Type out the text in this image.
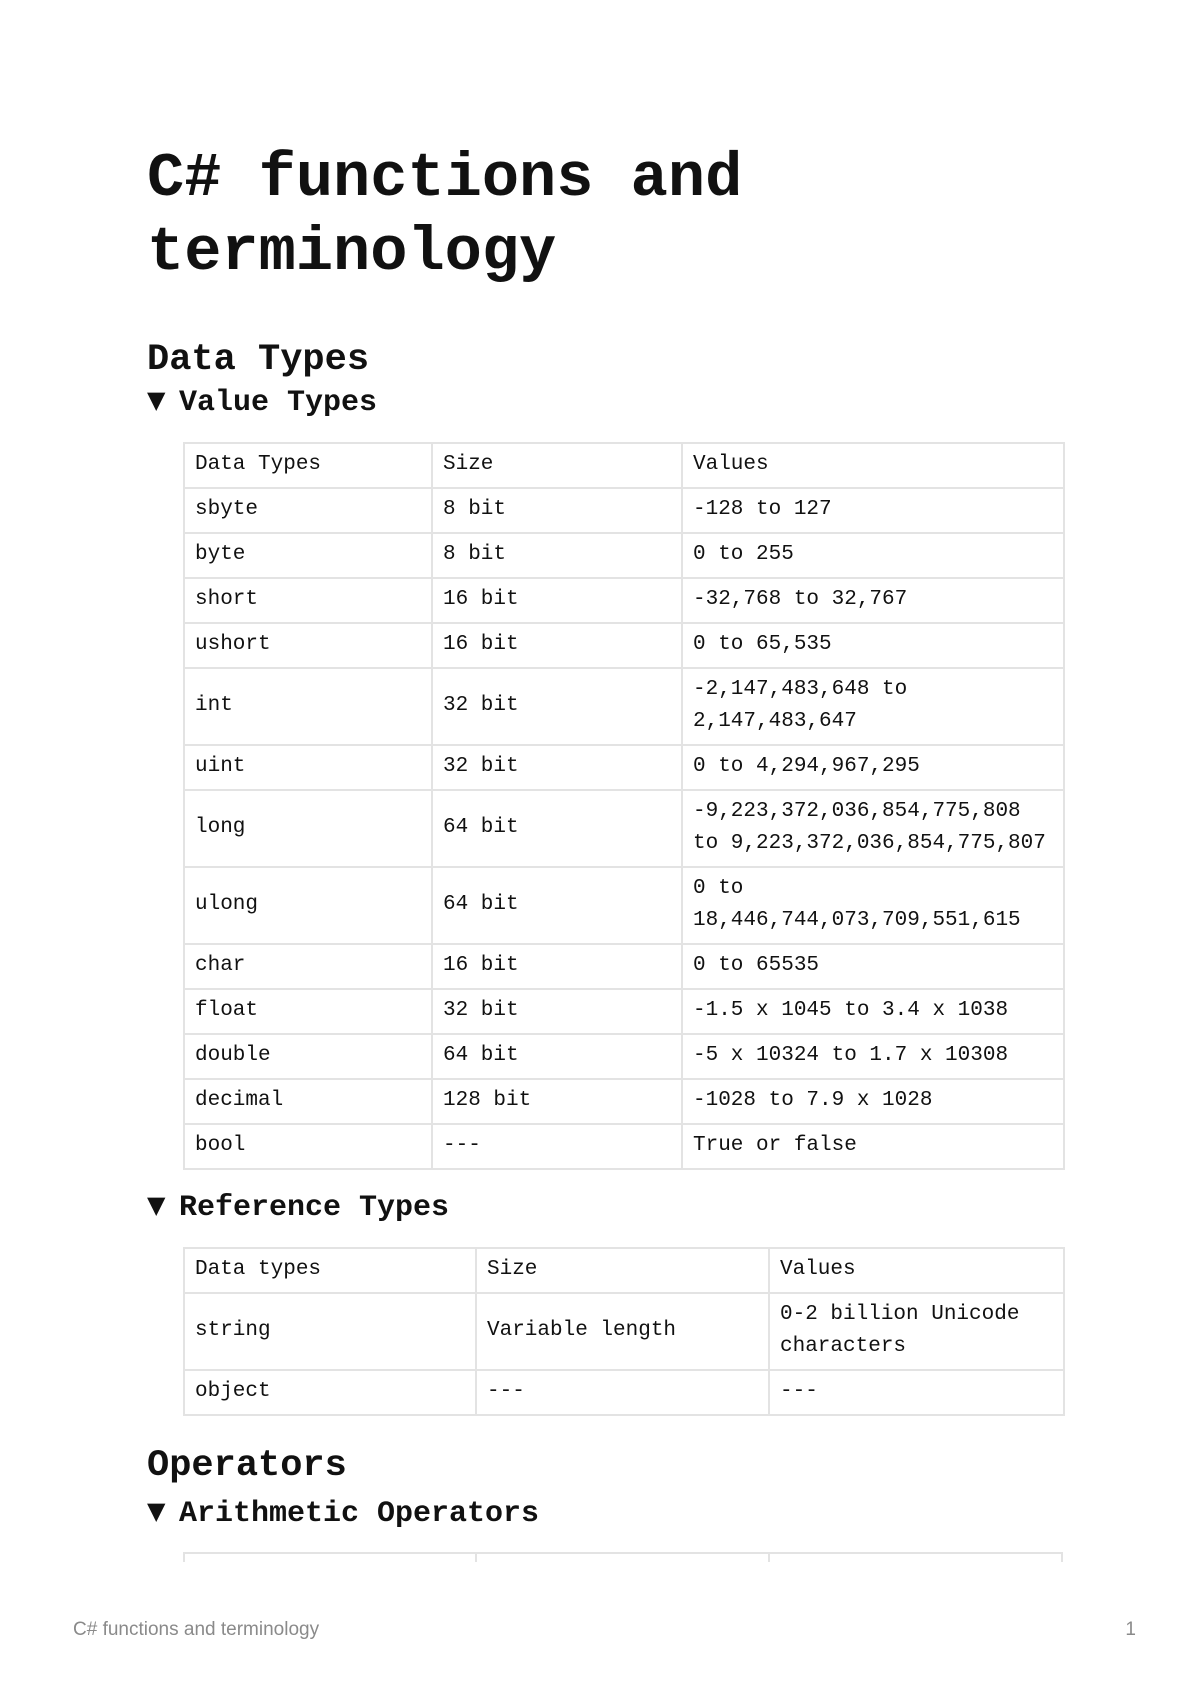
C# functions and terminology
Data Types
▼ Value Types
Data Types	Size	Values
sbyte	8 bit	-128 to 127
byte	8 bit	0 to 255
short	16 bit	-32,768 to 32,767
ushort	16 bit	0 to 65,535
int	32 bit	-2,147,483,648 to 2,147,483,647
uint	32 bit	0 to 4,294,967,295
long	64 bit	-9,223,372,036,854,775,808 to 9,223,372,036,854,775,807
ulong	64 bit	0 to 18,446,744,073,709,551,615
char	16 bit	0 to 65535
float	32 bit	-1.5 x 1045 to 3.4 x 1038
double	64 bit	-5 x 10324 to 1.7 x 10308
decimal	128 bit	-1028 to 7.9 x 1028
bool	---	True or false
▼ Reference Types
Data types	Size	Values
string	Variable length	0-2 billion Unicode characters
object	---	---
Operators
▼ Arithmetic Operators
C# functions and terminology	1
